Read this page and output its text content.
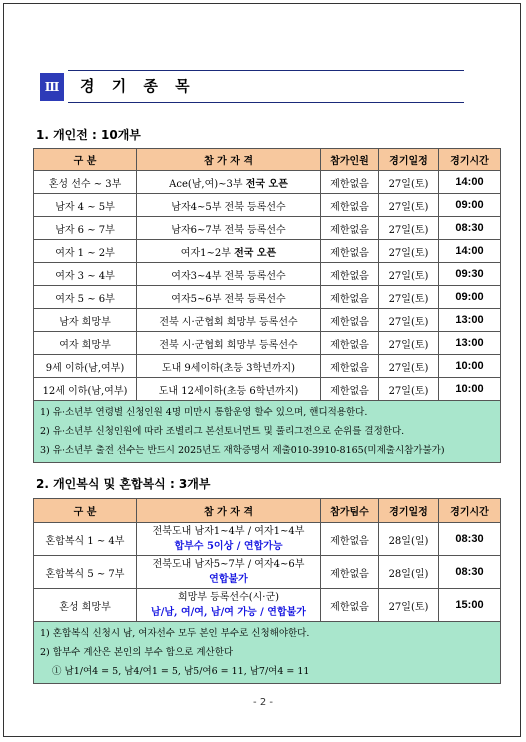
Ⅲ	경 기 종 목
1. 개인전 : 10개부
구 분	참 가 자 격	참가인원	경기일정	경기시간
혼성 선수 ~ 3부	Ace(남,여)~3부 전국 오픈	제한없음	27일(토)	14:00
남자 4 ~ 5부	남자4~5부 전북 등록선수	제한없음	27일(토)	09:00
남자 6 ~ 7부	남자6~7부 전북 등록선수	제한없음	27일(토)	08:30
여자 1 ~ 2부	여자1~2부 전국 오픈	제한없음	27일(토)	14:00
여자 3 ~ 4부	여자3~4부 전북 등록선수	제한없음	27일(토)	09:30
여자 5 ~ 6부	여자5~6부 전북 등록선수	제한없음	27일(토)	09:00
남자 희망부	전북 시·군협회 희망부 등록선수	제한없음	27일(토)	13:00
여자 희망부	전북 시·군협회 희망부 등록선수	제한없음	27일(토)	13:00
9세 이하(남,여부)	도내 9세이하(초등 3학년까지)	제한없음	27일(토)	10:00
12세 이하(남,여부)	도내 12세이하(초등 6학년까지)	제한없음	27일(토)	10:00

1) 유·소년부 연령별 신청인원 4명 미만시 통합운영 할수 있으며, 핸디적용한다.
2) 유·소년부 신청인원에 따라 조별리그 본선토너먼트 및 풀리그전으로 순위를 결정한다.
3) 유·소년부 출전 선수는 반드시 2025년도 재학증명서 제출010-3910-8165(미제출시참가불가)				
2. 개인복식 및 혼합복식 : 3개부
구 분	참 가 자 격	참가팀수	경기일정	경기시간
혼합복식 1 ~ 4부	전북도내 남자1~4부 / 여자1~4부
합부수 5이상 / 연합가능	제한없음	28일(일)	08:30
혼합복식 5 ~ 7부	전북도내 남자5~7부 / 여자4~6부
연합불가	제한없음	28일(일)	08:30
혼성 희망부	희망부 등록선수(시·군)
남/남, 여/여, 남/여 가능 / 연합불가	제한없음	27일(토)	15:00

1) 혼합복식 신청시 남, 여자선수 모두 본인 부수로 신청해야한다.
2) 합부수 계산은 본인의 부수 합으로 계산한다
① 남1/여4 = 5, 남4/여1 = 5, 남5/여6 = 11, 남7/여4 = 11				
- 2 -
